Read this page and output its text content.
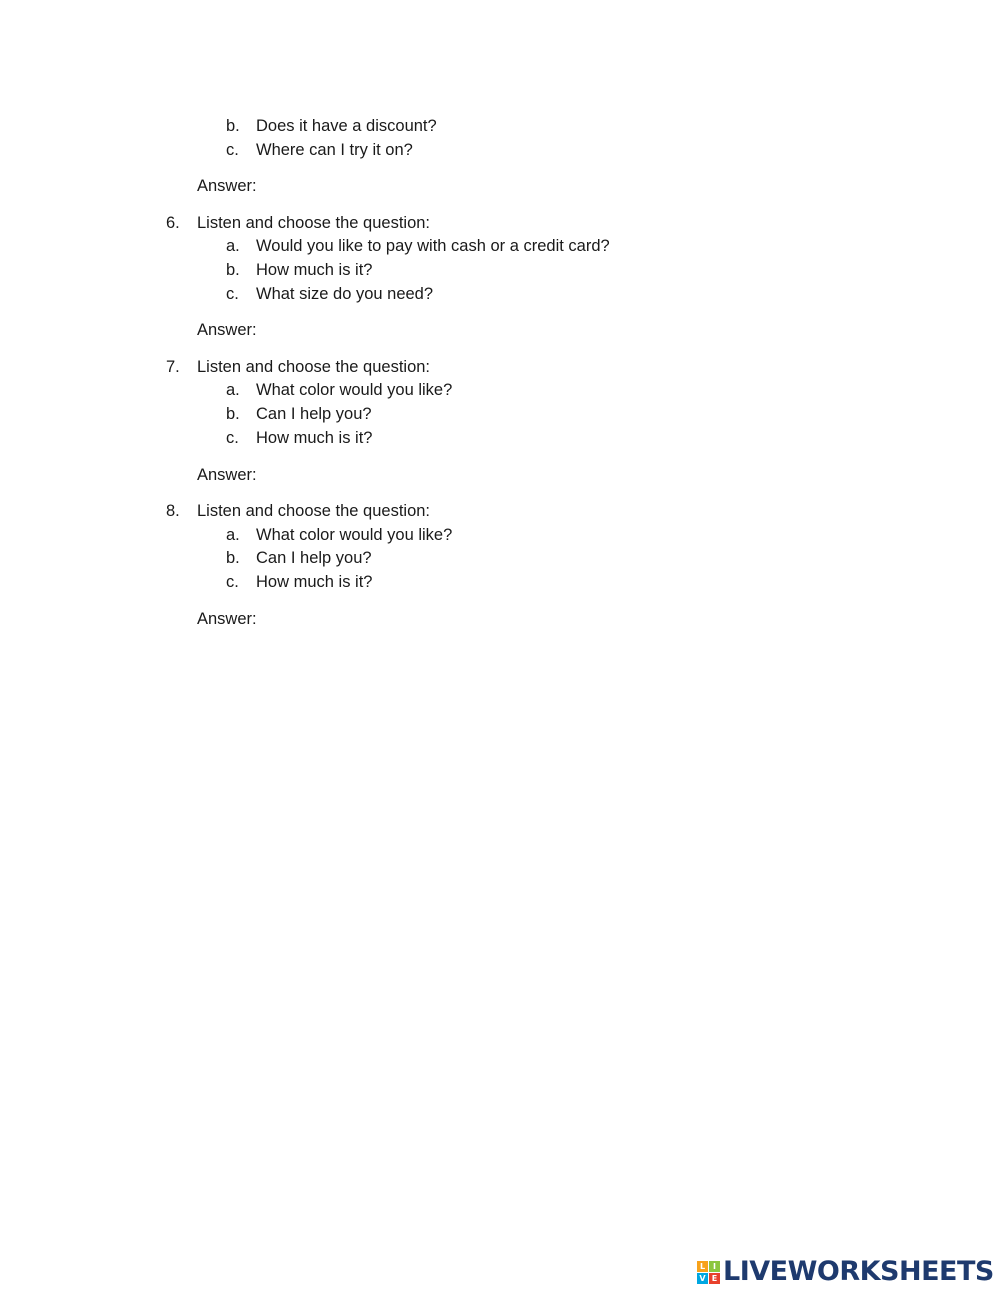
b. Does it have a discount?
c. Where can I try it on?
Answer:
6. Listen and choose the question:
a. Would you like to pay with cash or a credit card?
b. How much is it?
c. What size do you need?
Answer:
7. Listen and choose the question:
a. What color would you like?
b. Can I help you?
c. How much is it?
Answer:
8. Listen and choose the question:
a. What color would you like?
b. Can I help you?
c. How much is it?
Answer:
L I
V E LIVEWORKSHEETS
